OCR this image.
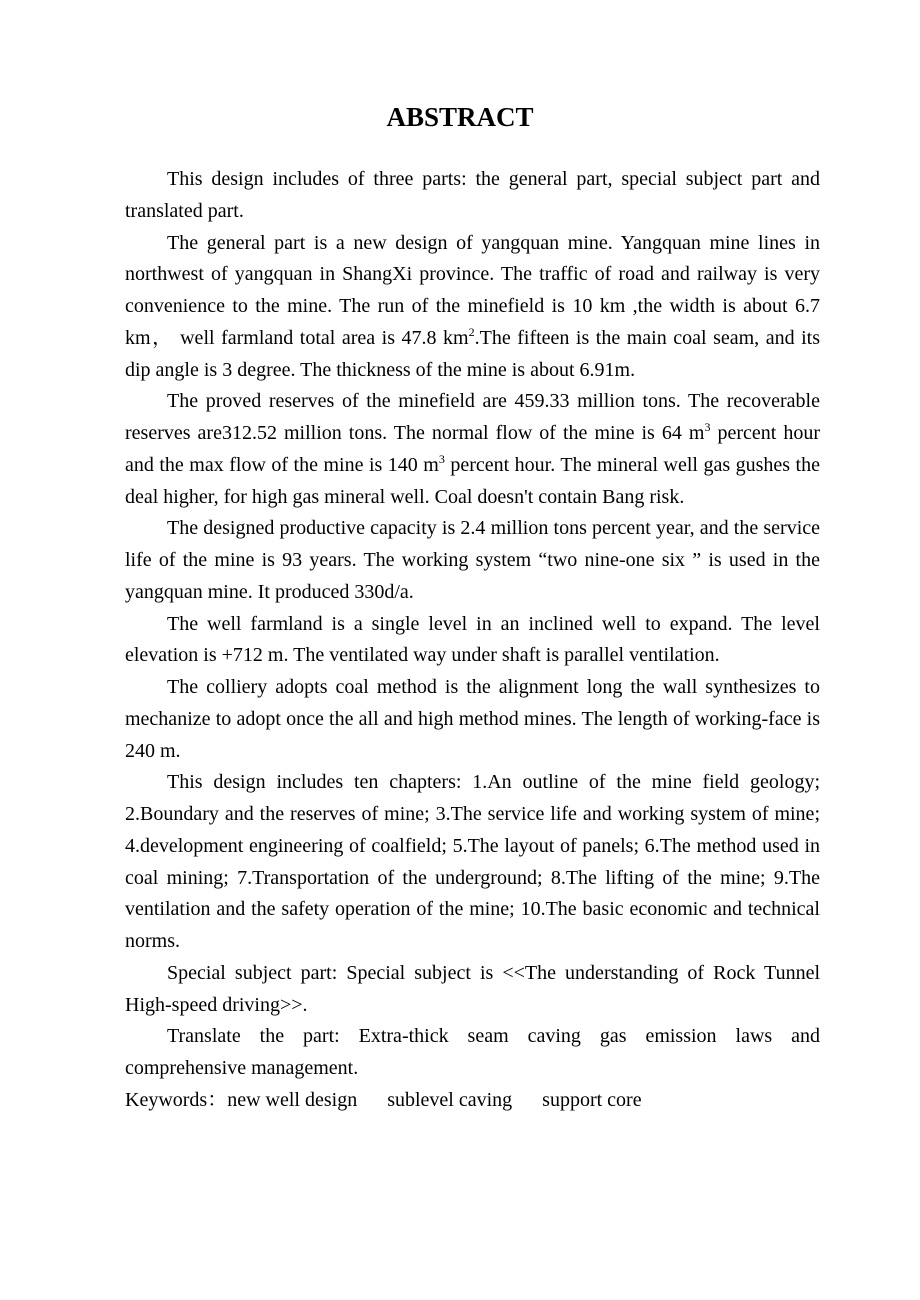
ABSTRACT

This design includes of three parts: the general part, special subject part and translated part.

The general part is a new design of yangquan mine. Yangquan mine lines in northwest of yangquan in ShangXi province. The traffic of road and railway is very convenience to the mine. The run of the minefield is 10 km ,the width is about 6.7 km， well farmland total area is 47.8 $km^2.The$ fifteen is the main coal seam, and its dip angle is 3 degree. The thickness of the mine is about 6.91m.

The proved reserves of the minefield are 459.33 million tons. The recoverable reserves are312.52 million tons. The normal flow of the mine is 64 $m^3$ percent hour and the max flow of the mine is 140 $m^3$ percent hour. The mineral well gas gushes the deal higher, for high gas mineral well. Coal doesn't contain Bang risk.

The designed productive capacity is 2.4 million tons percent year, and the service life of the mine is 93 years. The working system “two nine-one six ” is used in the yangquan mine. It produced 330d/a.

The well farmland is a single level in an inclined well to expand. The level elevation is +712 m. The ventilated way under shaft is parallel ventilation.

The colliery adopts coal method is the alignment long the wall synthesizes to mechanize to adopt once the all and high method mines. The length of working-face is 240 m.

This design includes ten chapters: 1.An outline of the mine field geology; 2.Boundary and the reserves of mine; 3.The service life and working system of mine; 4.development engineering of coalfield; 5.The layout of panels; 6.The method used in coal mining; 7.Transportation of the underground; 8.The lifting of the mine; 9.The ventilation and the safety operation of the mine; 10.The basic economic and technical norms.

Special subject part: Special subject is <<The understanding of Rock Tunnel High-speed driving>>.

Translate the part: Extra-thick seam caving gas emission laws and comprehensive management.

Keywords：new well design sublevel caving support core
